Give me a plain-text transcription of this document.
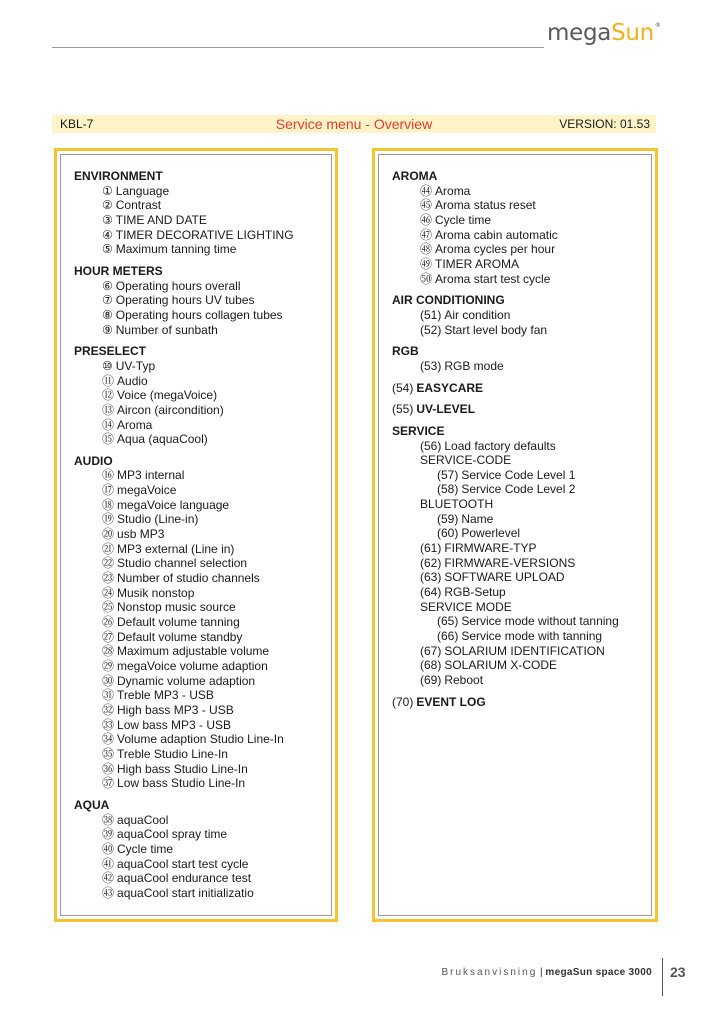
megaSun®
KBL-7	Service menu - Overview	VERSION: 01.53
ENVIRONMENT
① Language
② Contrast
③ TIME AND DATE
④ TIMER DECORATIVE LIGHTING
⑤ Maximum tanning time
HOUR METERS
⑥ Operating hours overall
⑦ Operating hours UV tubes
⑧ Operating hours collagen tubes
⑨ Number of sunbath
PRESELECT
⑩ UV-Typ
⑪ Audio
⑫ Voice (megaVoice)
⑬ Aircon (aircondition)
⑭ Aroma
⑮ Aqua (aquaCool)
AUDIO
⑯ MP3 internal
⑰ megaVoice
⑱ megaVoice language
⑲ Studio (Line-in)
⑳ usb MP3
㉑ MP3 external (Line in)
㉒ Studio channel selection
㉓ Number of studio channels
㉔ Musik nonstop
㉕ Nonstop music source
㉖ Default volume tanning
㉗ Default volume standby
㉘ Maximum adjustable volume
㉙ megaVoice volume adaption
㉚ Dynamic volume adaption
㉛ Treble MP3 - USB
㉜ High bass MP3 - USB
㉝ Low bass MP3 - USB
㉞ Volume adaption Studio Line-In
㉟ Treble Studio Line-In
㊱ High bass Studio Line-In
㊲ Low bass Studio Line-In
AQUA
㊳ aquaCool
㊴ aquaCool spray time
㊵ Cycle time
㊶ aquaCool start test cycle
㊷ aquaCool endurance test
㊸ aquaCool start initializatio
AROMA
㊹ Aroma
㊺ Aroma status reset
㊻ Cycle time
㊼ Aroma cabin automatic
㊽ Aroma cycles per hour
㊾ TIMER AROMA
㊿ Aroma start test cycle
AIR CONDITIONING
(51) Air condition
(52) Start level body fan
RGB
(53) RGB mode
(54) EASYCARE
(55) UV-LEVEL
SERVICE
(56) Load factory defaults
SERVICE-CODE
(57) Service Code Level 1
(58) Service Code Level 2
BLUETOOTH
(59) Name
(60) Powerlevel
(61) FIRMWARE-TYP
(62) FIRMWARE-VERSIONS
(63) SOFTWARE UPLOAD
(64) RGB-Setup
SERVICE MODE
(65) Service mode without tanning
(66) Service mode with tanning
(67) SOLARIUM IDENTIFICATION
(68) SOLARIUM X-CODE
(69) Reboot
(70) EVENT LOG
Bruksanvisning | megaSun space 3000 23
